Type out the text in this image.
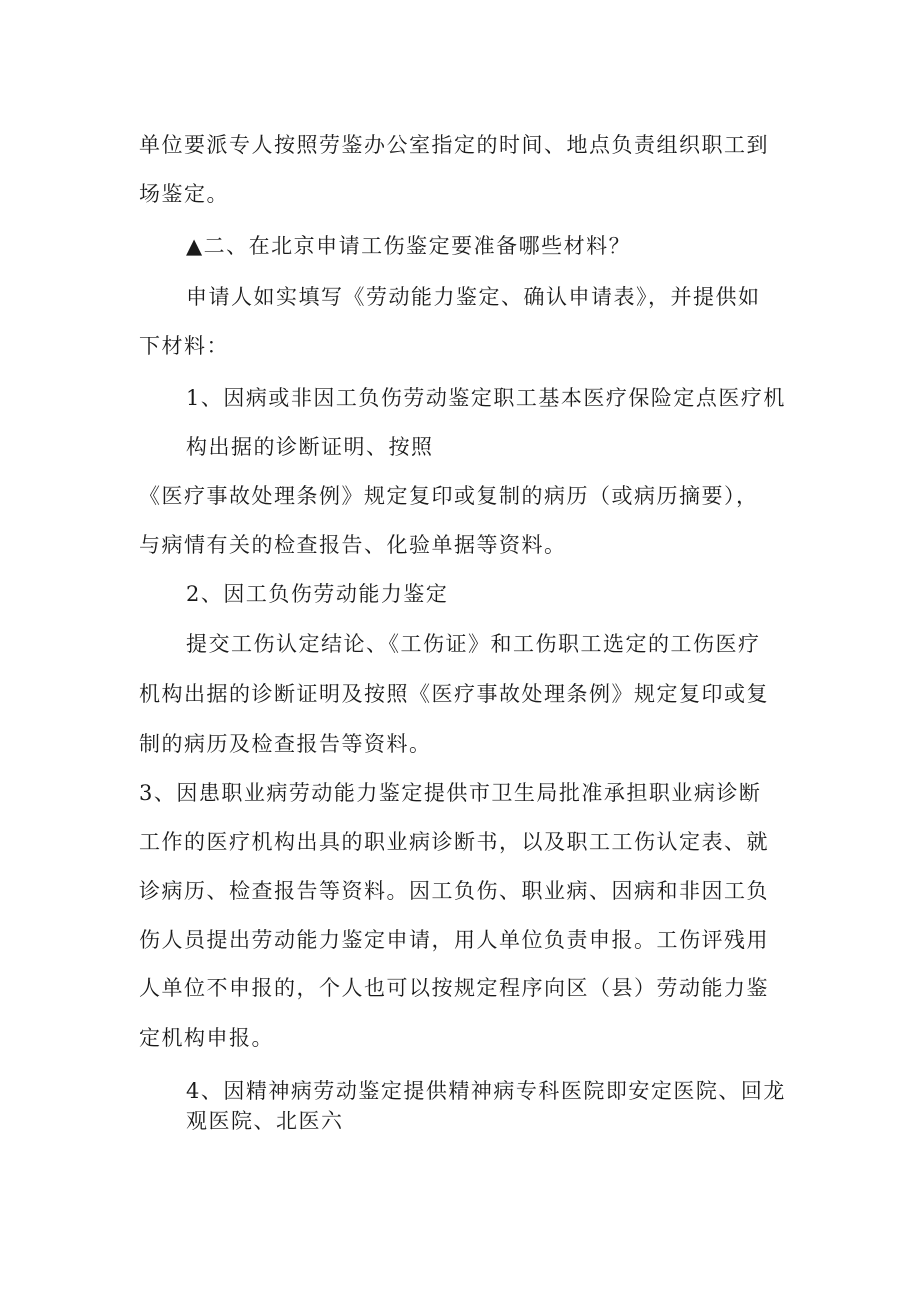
单位要派专人按照劳鉴办公室指定的时间、地点负责组织职工到
场鉴定。
▲二、在北京申请工伤鉴定要准备哪些材料？
申请人如实填写《劳动能力鉴定、确认申请表》，并提供如
下材料：
1、因病或非因工负伤劳动鉴定职工基本医疗保险定点医疗机
构出据的诊断证明、按照
《医疗事故处理条例》规定复印或复制的病历（或病历摘要），
与病情有关的检查报告、化验单据等资料。
2、因工负伤劳动能力鉴定
提交工伤认定结论、《工伤证》和工伤职工选定的工伤医疗
机构出据的诊断证明及按照《医疗事故处理条例》规定复印或复
制的病历及检查报告等资料。
3、因患职业病劳动能力鉴定提供市卫生局批准承担职业病诊断
工作的医疗机构出具的职业病诊断书，以及职工工伤认定表、就
诊病历、检查报告等资料。因工负伤、职业病、因病和非因工负
伤人员提出劳动能力鉴定申请，用人单位负责申报。工伤评残用
人单位不申报的，个人也可以按规定程序向区（县）劳动能力鉴
定机构申报。
4、因精神病劳动鉴定提供精神病专科医院即安定医院、回龙
观医院、北医六
